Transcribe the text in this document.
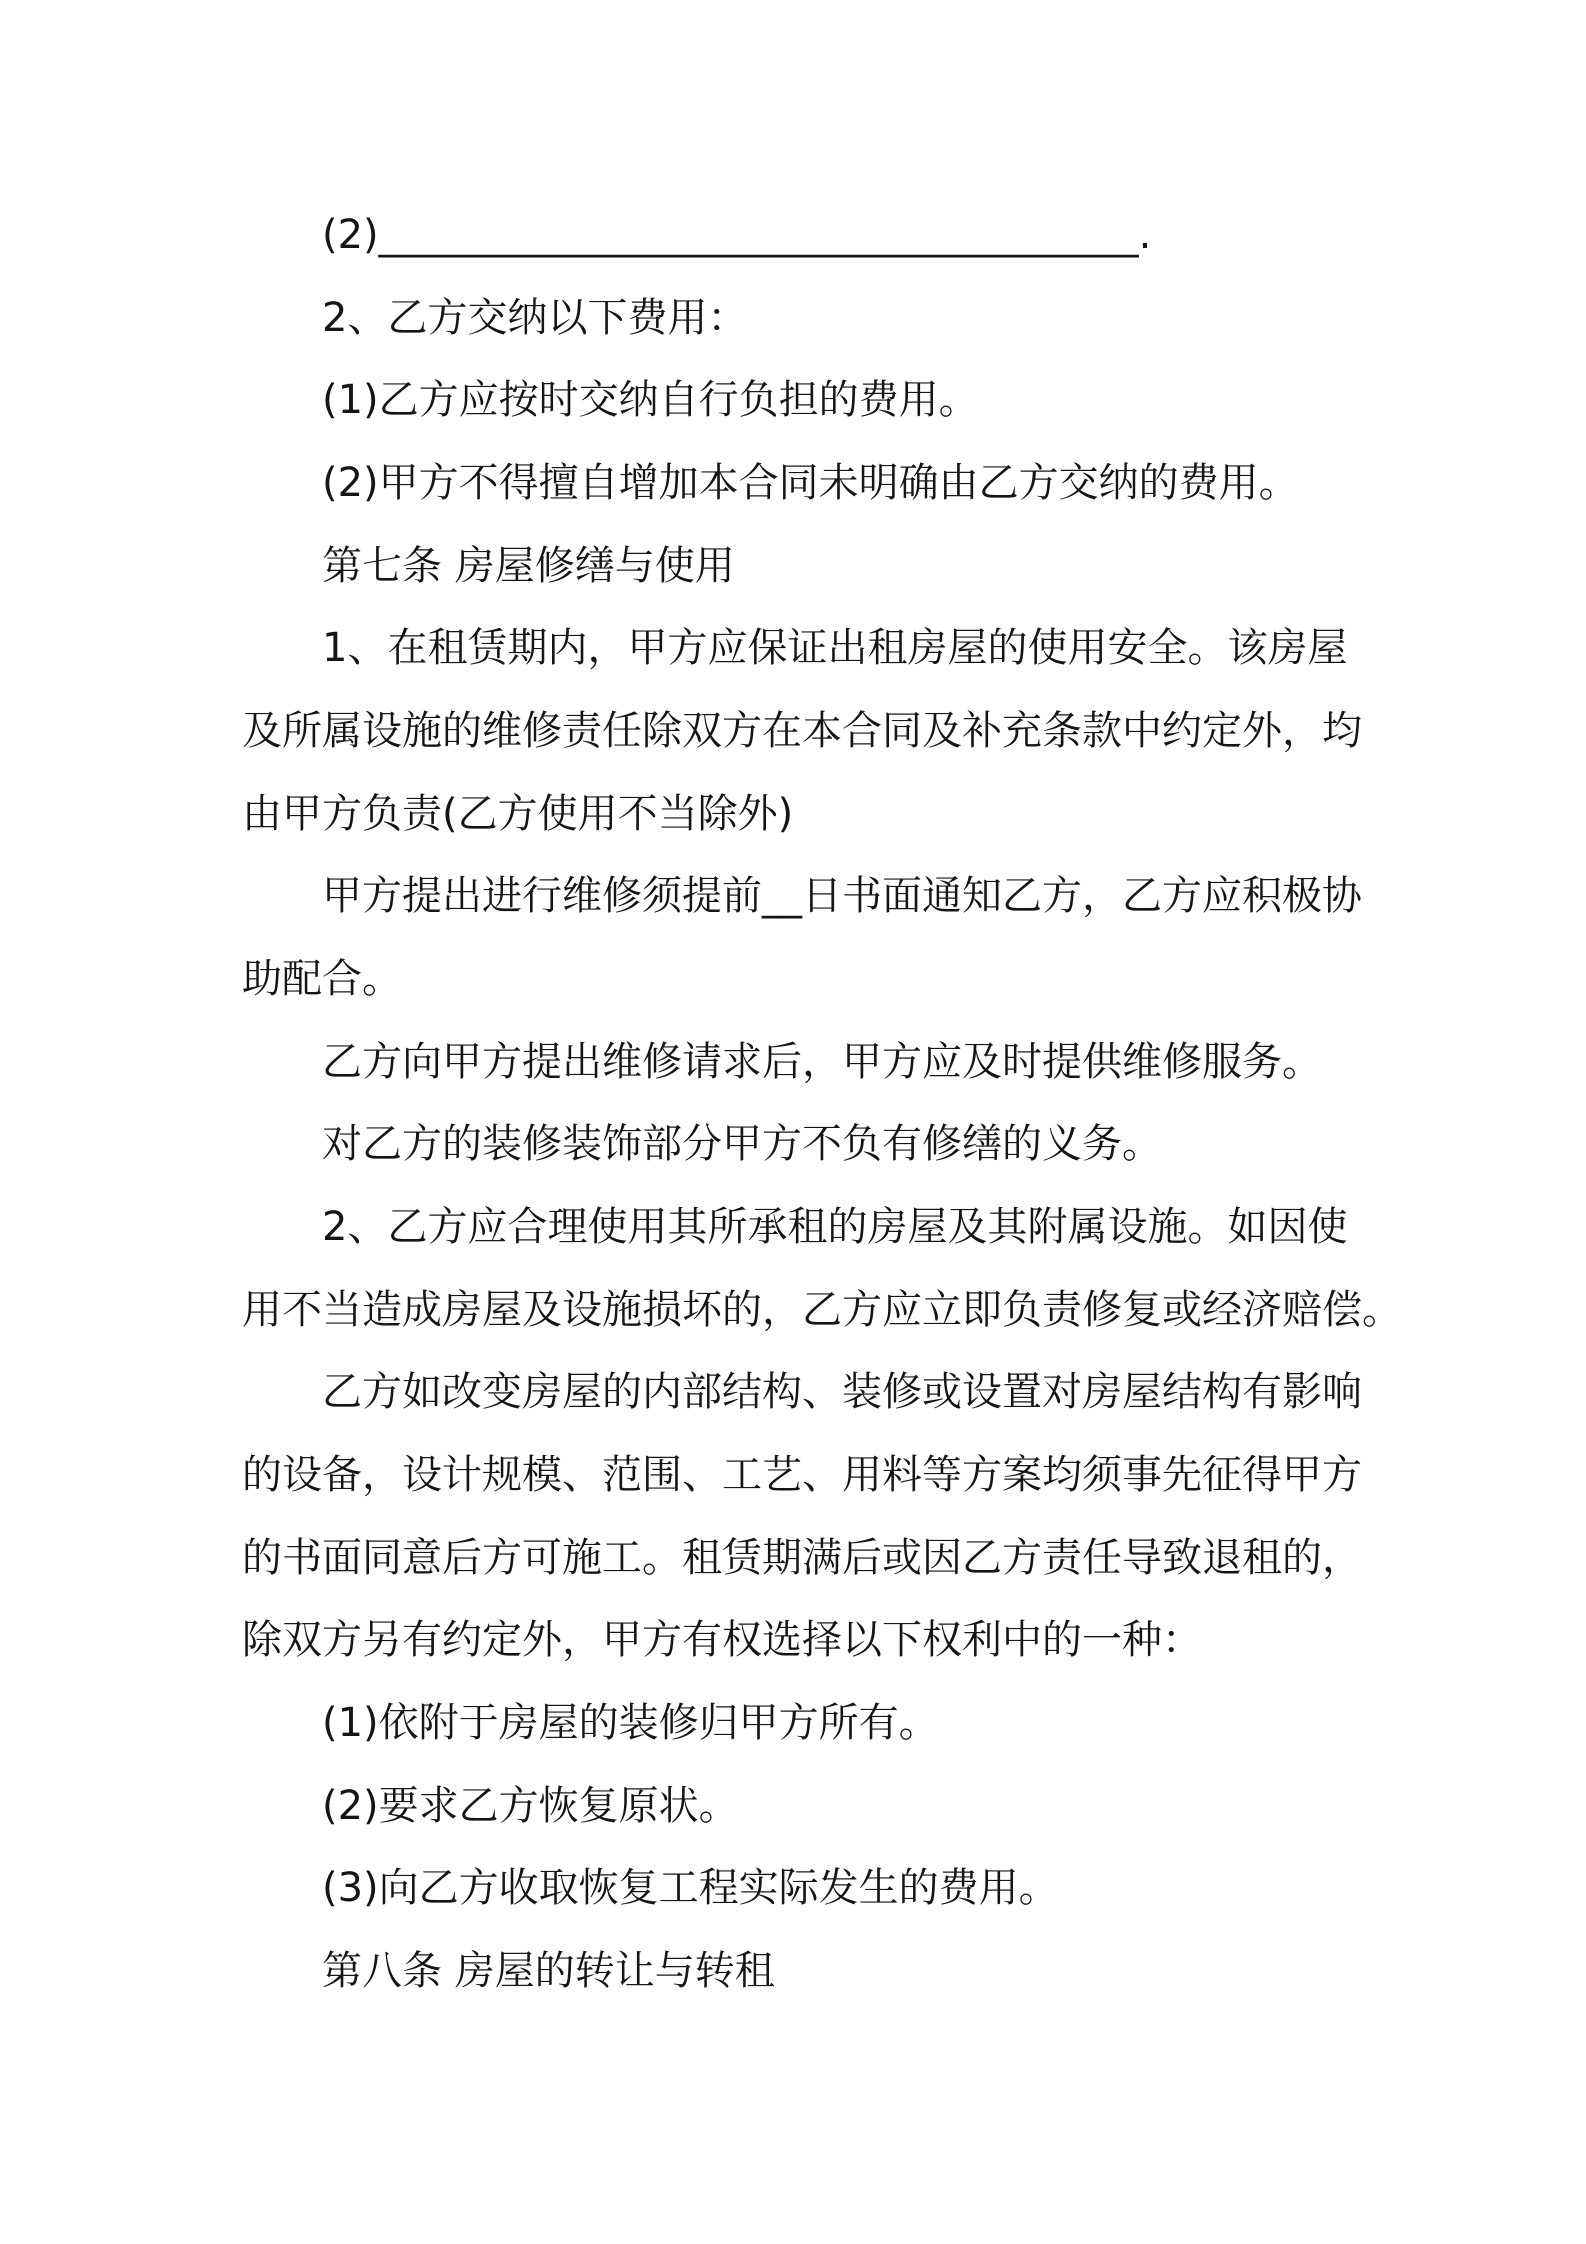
(2)______________________________________.
2、乙方交纳以下费用：
(1)乙方应按时交纳自行负担的费用。
(2)甲方不得擅自增加本合同未明确由乙方交纳的费用。
第七条 房屋修缮与使用
1、在租赁期内，甲方应保证出租房屋的使用安全。该房屋
及所属设施的维修责任除双方在本合同及补充条款中约定外，均
由甲方负责(乙方使用不当除外)
甲方提出进行维修须提前__日书面通知乙方，乙方应积极协
助配合。
乙方向甲方提出维修请求后，甲方应及时提供维修服务。
对乙方的装修装饰部分甲方不负有修缮的义务。
2、乙方应合理使用其所承租的房屋及其附属设施。如因使
用不当造成房屋及设施损坏的，乙方应立即负责修复或经济赔偿。
乙方如改变房屋的内部结构、装修或设置对房屋结构有影响
的设备，设计规模、范围、工艺、用料等方案均须事先征得甲方
的书面同意后方可施工。租赁期满后或因乙方责任导致退租的，
除双方另有约定外，甲方有权选择以下权利中的一种：
(1)依附于房屋的装修归甲方所有。
(2)要求乙方恢复原状。
(3)向乙方收取恢复工程实际发生的费用。
第八条 房屋的转让与转租
